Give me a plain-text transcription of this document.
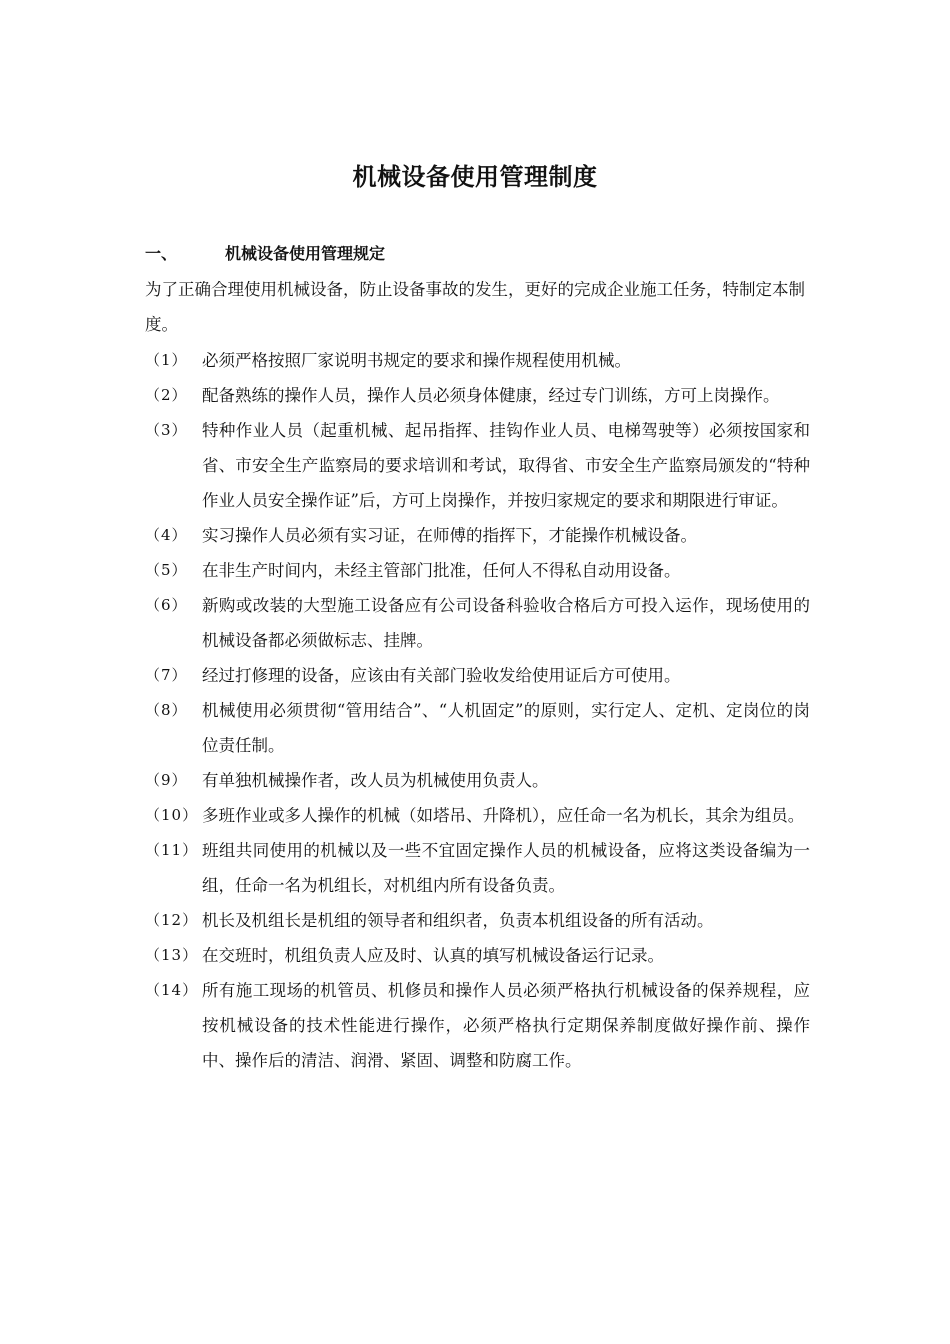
机械设备使用管理制度
一、	机械设备使用管理规定
为了正确合理使用机械设备，防止设备事故的发生，更好的完成企业施工任务，特制定本制度。
（1） 必须严格按照厂家说明书规定的要求和操作规程使用机械。
（2） 配备熟练的操作人员，操作人员必须身体健康，经过专门训练，方可上岗操作。
（3） 特种作业人员（起重机械、起吊指挥、挂钩作业人员、电梯驾驶等）必须按国家和省、市安全生产监察局的要求培训和考试，取得省、市安全生产监察局颁发的“特种作业人员安全操作证”后，方可上岗操作，并按归家规定的要求和期限进行审证。
（4） 实习操作人员必须有实习证，在师傅的指挥下，才能操作机械设备。
（5） 在非生产时间内，未经主管部门批准，任何人不得私自动用设备。
（6） 新购或改装的大型施工设备应有公司设备科验收合格后方可投入运作，现场使用的机械设备都必须做标志、挂牌。
（7） 经过打修理的设备，应该由有关部门验收发给使用证后方可使用。
（8） 机械使用必须贯彻“管用结合”、“人机固定”的原则，实行定人、定机、定岗位的岗位责任制。
（9） 有单独机械操作者，改人员为机械使用负责人。
（10） 多班作业或多人操作的机械（如塔吊、升降机），应任命一名为机长，其余为组员。
（11） 班组共同使用的机械以及一些不宜固定操作人员的机械设备，应将这类设备编为一组，任命一名为机组长，对机组内所有设备负责。
（12） 机长及机组长是机组的领导者和组织者，负责本机组设备的所有活动。
（13） 在交班时，机组负责人应及时、认真的填写机械设备运行记录。
（14） 所有施工现场的机管员、机修员和操作人员必须严格执行机械设备的保养规程，应按机械设备的技术性能进行操作，必须严格执行定期保养制度做好操作前、操作中、操作后的清洁、润滑、紧固、调整和防腐工作。
